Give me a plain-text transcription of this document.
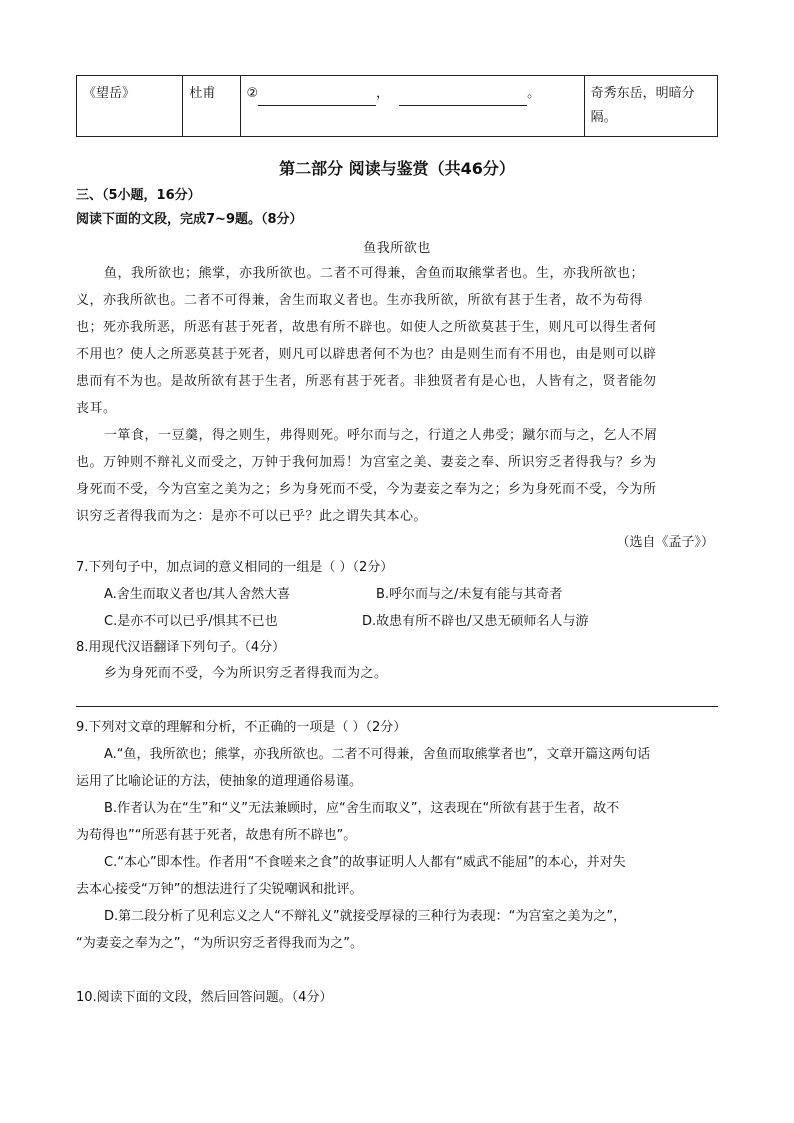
《望岳》	杜甫	②	，	。	奇秀东岳，明暗分
隔。
第二部分 阅读与鉴赏（共46分）
三、（5小题，16分）
阅读下面的文段，完成7~9题。（8分）
鱼我所欲也
鱼，我所欲也；熊掌，亦我所欲也。二者不可得兼，舍鱼而取熊掌者也。生，亦我所欲也；
义，亦我所欲也。二者不可得兼，舍生而取义者也。生亦我所欲，所欲有甚于生者，故不为苟得
也；死亦我所恶，所恶有甚于死者，故患有所不辟也。如使人之所欲莫甚于生，则凡可以得生者何
不用也？使人之所恶莫甚于死者，则凡可以辟患者何不为也？由是则生而有不用也，由是则可以辟
患而有不为也。是故所欲有甚于生者，所恶有甚于死者。非独贤者有是心也，人皆有之，贤者能勿
丧耳。
一箪食，一豆羹，得之则生，弗得则死。呼尔而与之，行道之人弗受；蹴尔而与之，乞人不屑
也。万钟则不辩礼义而受之，万钟于我何加焉！为宫室之美、妻妾之奉、所识穷乏者得我与？乡为
身死而不受，今为宫室之美为之；乡为身死而不受，今为妻妾之奉为之；乡为身死而不受，今为所
识穷乏者得我而为之：是亦不可以已乎？此之谓失其本心。
（选自《孟子》）
7.下列句子中，加点词的意义相同的一组是（ ）（2分）
A.舍生而取义者也/其人舍然大喜	B.呼尔而与之/未复有能与其奇者
C.是亦不可以已乎/惧其不已也	D.故患有所不辟也/又患无硕师名人与游
8.用现代汉语翻译下列句子。（4分）
乡为身死而不受，今为所识穷乏者得我而为之。
9.下列对文章的理解和分析，不正确的一项是（ ）（2分）
A.“鱼，我所欲也；熊掌，亦我所欲也。二者不可得兼，舍鱼而取熊掌者也”，文章开篇这两句话
运用了比喻论证的方法，使抽象的道理通俗易谨。
B.作者认为在“生”和“义”无法兼顾时，应“舍生而取义”，这表现在“所欲有甚于生者，故不
为苟得也”“所恶有甚于死者，故患有所不辟也”。
C.“本心”即本性。作者用“不食嗟来之食”的故事证明人人都有“威武不能屈”的本心，并对失
去本心接受“万钟”的想法进行了尖锐嘲讽和批评。
D.第二段分析了见利忘义之人“不辩礼义”就接受厚禄的三种行为表现：“为宫室之美为之”，
“为妻妾之奉为之”，“为所识穷乏者得我而为之”。
10.阅读下面的文段，然后回答问题。（4分）
